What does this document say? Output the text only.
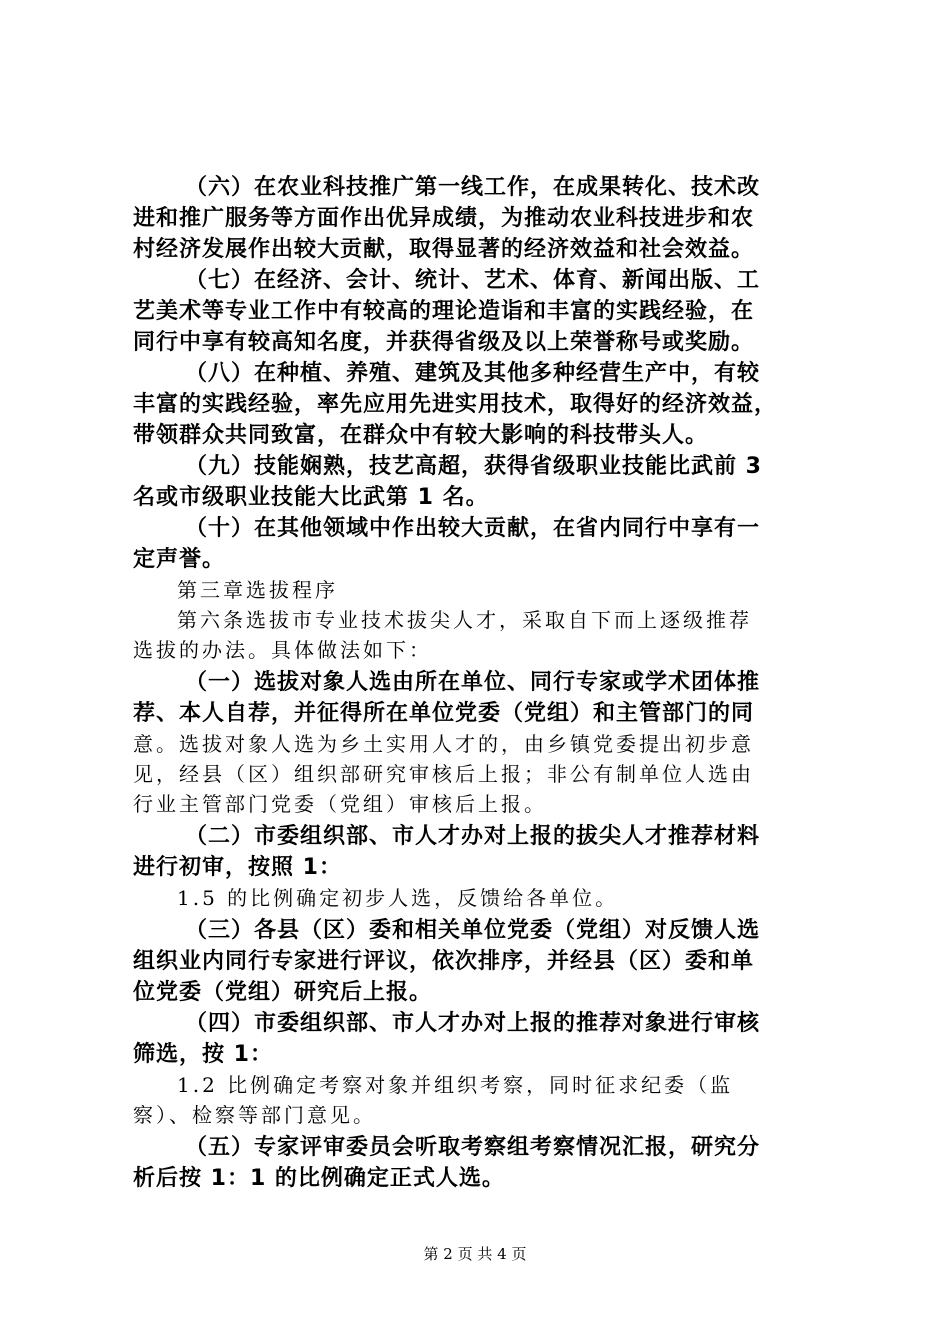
（六）在农业科技推广第一线工作，在成果转化、技术改
进和推广服务等方面作出优异成绩，为推动农业科技进步和农
村经济发展作出较大贡献，取得显著的经济效益和社会效益。
（七）在经济、会计、统计、艺术、体育、新闻出版、工
艺美术等专业工作中有较高的理论造诣和丰富的实践经验，在
同行中享有较高知名度，并获得省级及以上荣誉称号或奖励。
（八）在种植、养殖、建筑及其他多种经营生产中，有较
丰富的实践经验，率先应用先进实用技术，取得好的经济效益，
带领群众共同致富，在群众中有较大影响的科技带头人。
（九）技能娴熟，技艺高超，获得省级职业技能比武前 3
名或市级职业技能大比武第 1 名。
（十）在其他领域中作出较大贡献，在省内同行中享有一
定声誉。
第三章选拔程序
第六条选拔市专业技术拔尖人才，采取自下而上逐级推荐
选拔的办法。具体做法如下：
（一）选拔对象人选由所在单位、同行专家或学术团体推
荐、本人自荐，并征得所在单位党委（党组）和主管部门的同
意。选拔对象人选为乡土实用人才的，由乡镇党委提出初步意
见，经县（区）组织部研究审核后上报；非公有制单位人选由
行业主管部门党委（党组）审核后上报。
（二）市委组织部、市人才办对上报的拔尖人才推荐材料
进行初审，按照 1：
1.5 的比例确定初步人选，反馈给各单位。
（三）各县（区）委和相关单位党委（党组）对反馈人选
组织业内同行专家进行评议，依次排序，并经县（区）委和单
位党委（党组）研究后上报。
（四）市委组织部、市人才办对上报的推荐对象进行审核
筛选，按 1：
1.2 比例确定考察对象并组织考察，同时征求纪委（监
察）、检察等部门意见。
（五）专家评审委员会听取考察组考察情况汇报，研究分
析后按 1：1 的比例确定正式人选。
第 2 页 共 4 页
